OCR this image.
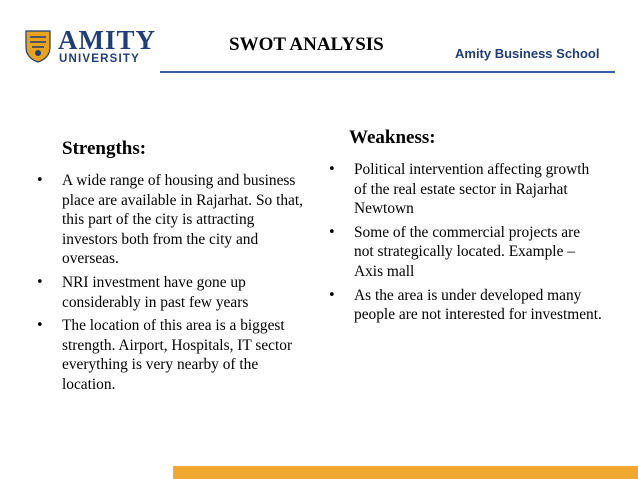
AMITY
UNIVERSITY
SWOT ANALYSIS	Amity Business School
Strengths:
• A wide range of housing and business place are available in Rajarhat. So that, this part of the city is attracting investors both from the city and overseas.
• NRI investment have gone up considerably in past few years
• The location of this area is a biggest strength. Airport, Hospitals, IT sector everything is very nearby of the location.
Weakness:
• Political intervention affecting growth of the real estate sector in Rajarhat Newtown
• Some of the commercial projects are not strategically located. Example – Axis mall
• As the area is under developed many people are not interested for investment.
